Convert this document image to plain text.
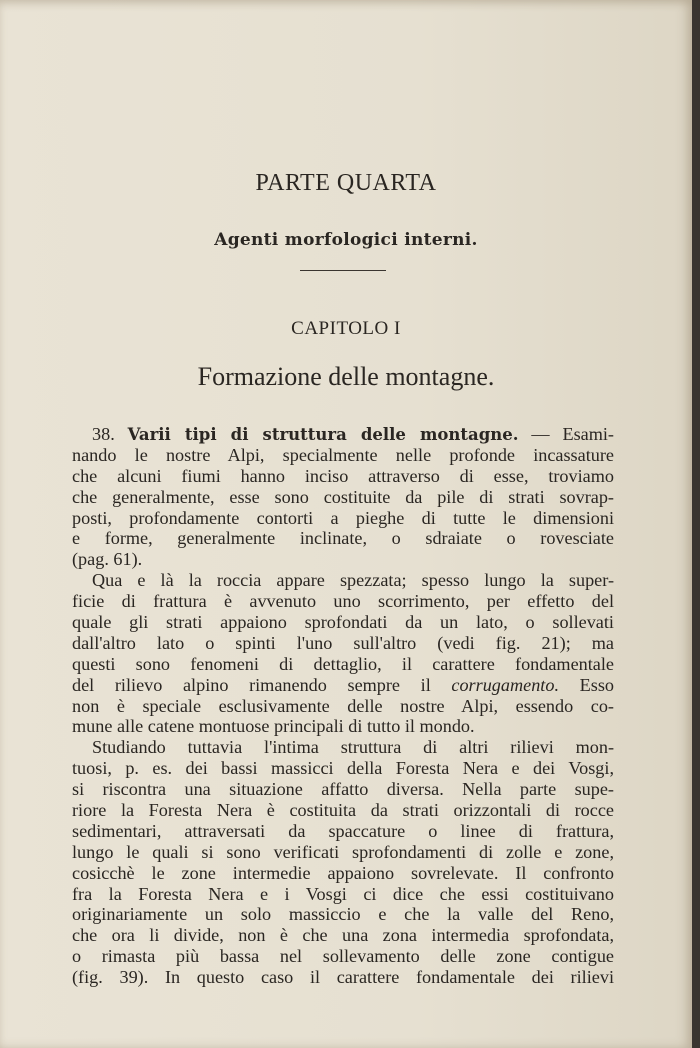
PARTE QUARTA
Agenti morfologici interni.
CAPITOLO I
Formazione delle montagne.
38. Varii tipi di struttura delle montagne. — Esami-
nando le nostre Alpi, specialmente nelle profonde incassature
che alcuni fiumi hanno inciso attraverso di esse, troviamo
che generalmente, esse sono costituite da pile di strati sovrap-
posti, profondamente contorti a pieghe di tutte le dimensioni
e forme, generalmente inclinate, o sdraiate o rovesciate
(pag. 61).
Qua e là la roccia appare spezzata; spesso lungo la super-
ficie di frattura è avvenuto uno scorrimento, per effetto del
quale gli strati appaiono sprofondati da un lato, o sollevati
dall'altro lato o spinti l'uno sull'altro (vedi fig. 21); ma
questi sono fenomeni di dettaglio, il carattere fondamentale
del rilievo alpino rimanendo sempre il corrugamento. Esso
non è speciale esclusivamente delle nostre Alpi, essendo co-
mune alle catene montuose principali di tutto il mondo.
Studiando tuttavia l'intima struttura di altri rilievi mon-
tuosi, p. es. dei bassi massicci della Foresta Nera e dei Vosgi,
si riscontra una situazione affatto diversa. Nella parte supe-
riore la Foresta Nera è costituita da strati orizzontali di rocce
sedimentari, attraversati da spaccature o linee di frattura,
lungo le quali si sono verificati sprofondamenti di zolle e zone,
cosicchè le zone intermedie appaiono sovrelevate. Il confronto
fra la Foresta Nera e i Vosgi ci dice che essi costituivano
originariamente un solo massiccio e che la valle del Reno,
che ora li divide, non è che una zona intermedia sprofondata,
o rimasta più bassa nel sollevamento delle zone contigue
(fig. 39). In questo caso il carattere fondamentale dei rilievi
